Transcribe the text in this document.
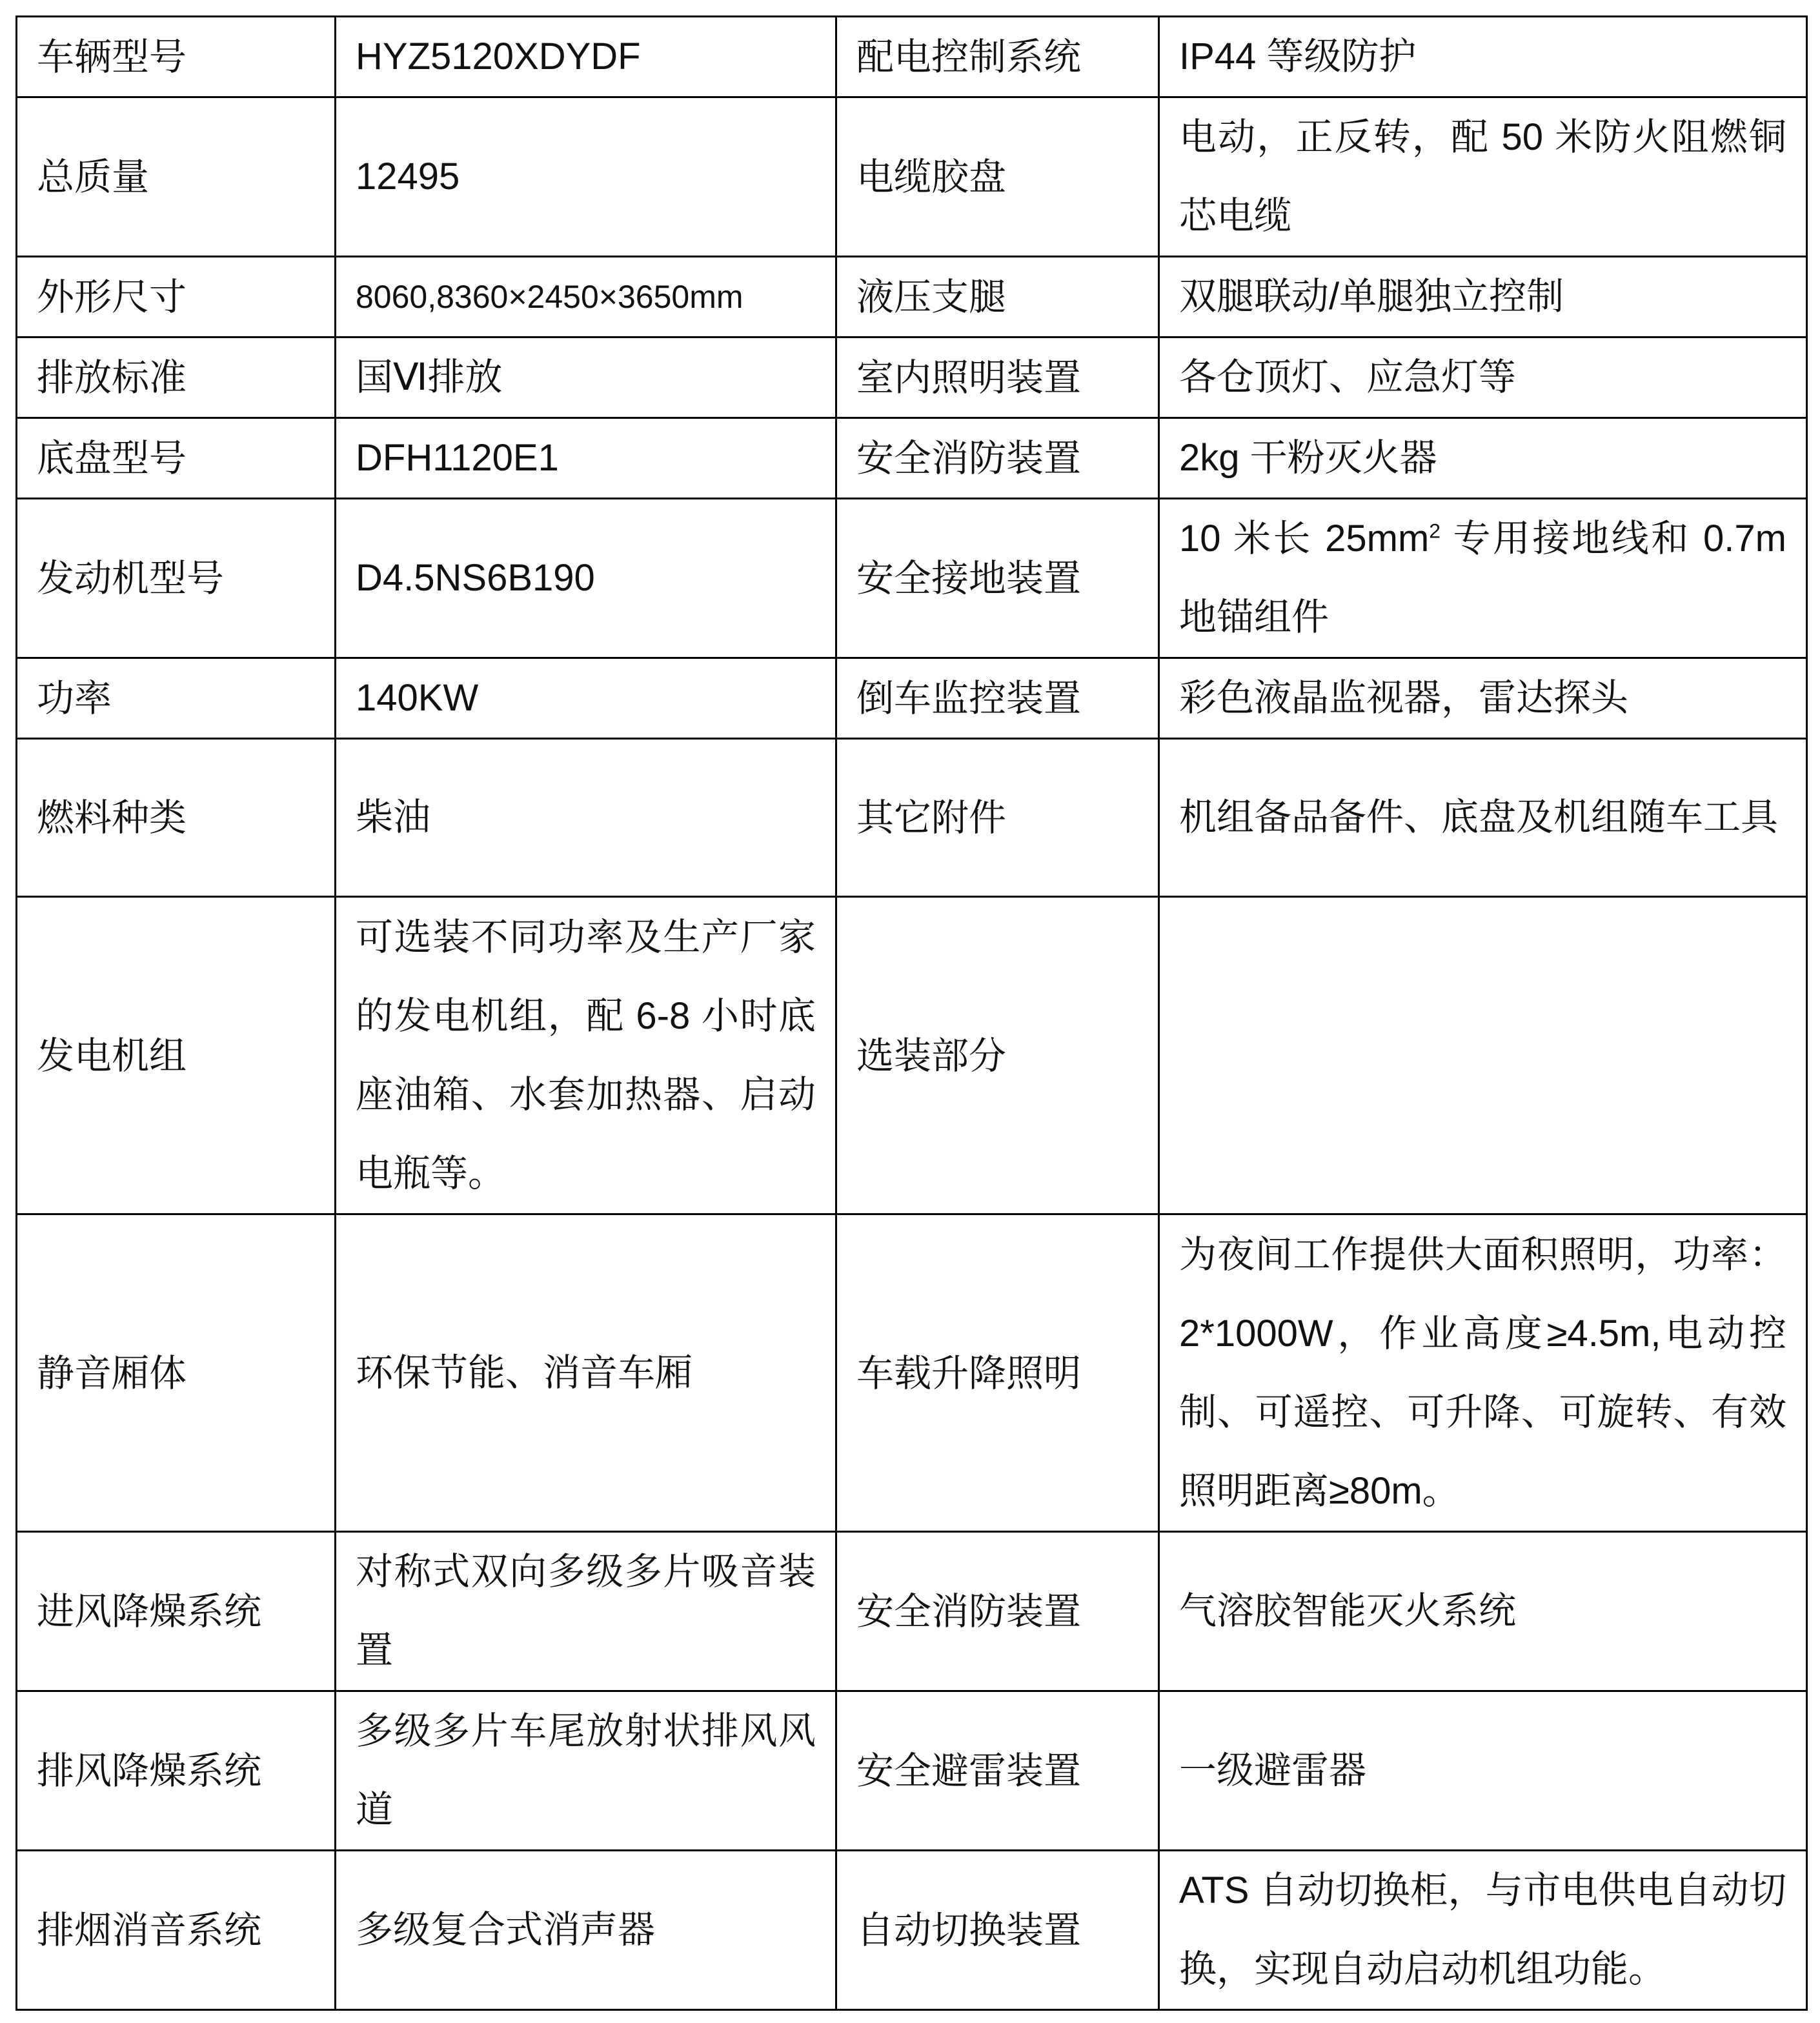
车辆型号	HYZ5120XDYDF	配电控制系统	IP44 等级防护
总质量	12495	电缆胶盘	电动，正反转，配 50 米防火阻燃铜芯电缆
外形尺寸	8060,8360×2450×3650mm	液压支腿	双腿联动/单腿独立控制
排放标准	国Ⅵ排放	室内照明装置	各仓顶灯、应急灯等
底盘型号	DFH1120E1	安全消防装置	2kg 干粉灭火器
发动机型号	D4.5NS6B190	安全接地装置	10 米长 $25mm^2$ 专用接地线和 0.7m 地锚组件
功率	140KW	倒车监控装置	彩色液晶监视器，雷达探头
燃料种类	柴油	其它附件	机组备品备件、底盘及机组随车工具
发电机组	可选装不同功率及生产厂家的发电机组，配 6-8 小时底座油箱、水套加热器、启动电瓶等。	选装部分	
静音厢体	环保节能、消音车厢	车载升降照明	为夜间工作提供大面积照明，功率：2*1000W，作业高度≥4.5m,电动控制、可遥控、可升降、可旋转、有效照明距离≥80m。
进风降燥系统	对称式双向多级多片吸音装置	安全消防装置	气溶胶智能灭火系统
排风降燥系统	多级多片车尾放射状排风风道	安全避雷装置	一级避雷器
排烟消音系统	多级复合式消声器	自动切换装置	ATS 自动切换柜，与市电供电自动切换，实现自动启动机组功能。
